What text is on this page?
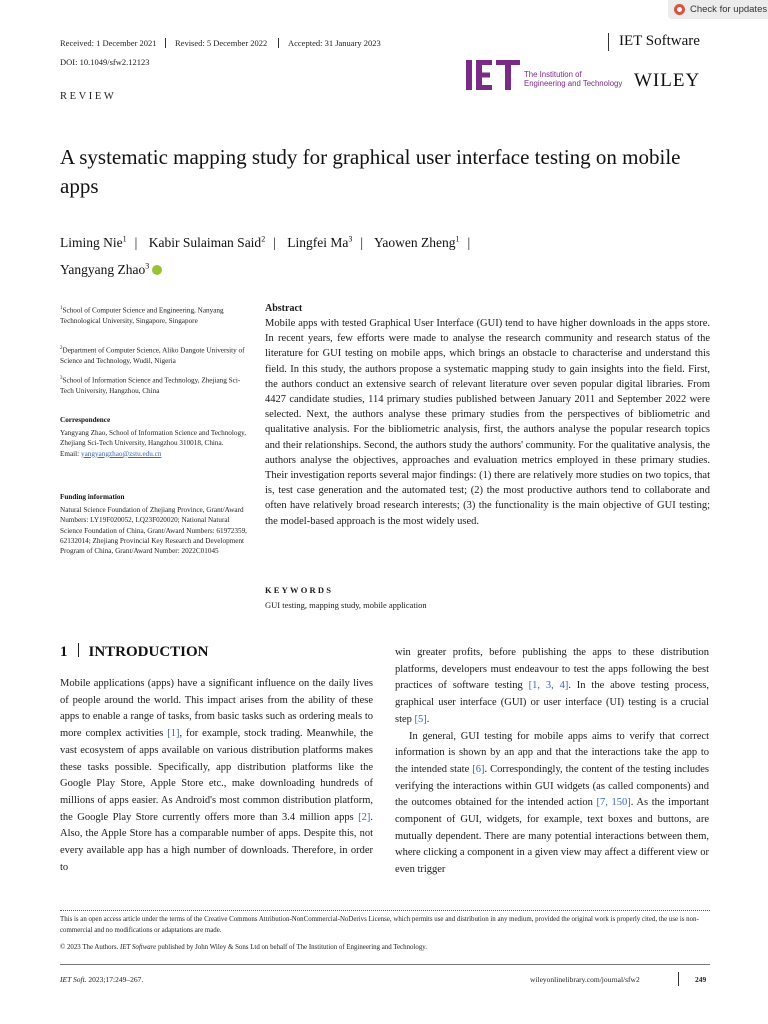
Check for updates
Received: 1 December 2021 Revised: 5 December 2022 Accepted: 31 January 2023	IET Software
DOI: 10.1049/sfw2.12123
The Institution of
Engineering and Technology WILEY
REVIEW
A systematic mapping study for graphical user interface testing on mobile apps
Liming Nie$^1$ | Kabir Sulaiman Said$^2$ | Lingfei Ma$^3$ | Yaowen Zheng$^1$ |
Yangyang Zhao$^3$
$^1$School of Computer Science and Engineering, Nanyang Technological University, Singapore, Singapore
$^2$Department of Computer Science, Aliko Dangote University of Science and Technology, Wudil, Nigeria
$^3$School of Information Science and Technology, Zhejiang Sci-Tech University, Hangzhou, China
Correspondence
Yangyang Zhao, School of Information Science and Technology, Zhejiang Sci-Tech University, Hangzhou 310018, China.
Email: yangyangzhao@zstu.edu.cn
Funding information
Natural Science Foundation of Zhejiang Province, Grant/Award Numbers: LY19F020052, LQ23F020020; National Natural Science Foundation of China, Grant/Award Numbers: 61972359, 62132014; Zhejiang Provincial Key Research and Development Program of China, Grant/Award Number: 2022C01045
Abstract
Mobile apps with tested Graphical User Interface (GUI) tend to have higher downloads in the apps store. In recent years, few efforts were made to analyse the research community and research status of the literature for GUI testing on mobile apps, which brings an obstacle to characterise and understand this field. In this study, the authors propose a systematic mapping study to gain insights into the field. First, the authors conduct an extensive search of relevant literature over seven popular digital libraries. From 4427 candidate studies, 114 primary studies published between January 2011 and September 2022 were selected. Next, the authors analyse these primary studies from the perspectives of bibliometric and qualitative analysis. For the bibliometric analysis, first, the authors analyse the popular research topics and their relationships. Second, the authors study the authors' community. For the qualitative analysis, the authors analyse the objectives, approaches and evaluation metrics employed in these primary studies. Their investigation reports several major findings: (1) there are relatively more studies on two topics, that is, test case generation and the automated test; (2) the most productive authors tend to collaborate and often have relatively broad research interests; (3) the functionality is the main objective of GUI testing; the model-based approach is the most widely used.
KEYWORDS
GUI testing, mapping study, mobile application
1 INTRODUCTION
Mobile applications (apps) have a significant influence on the daily lives of people around the world. This impact arises from the ability of these apps to enable a range of tasks, from basic tasks such as ordering meals to more complex activities [1], for example, stock trading. Meanwhile, the vast ecosystem of apps available on various distribution platforms makes these tasks possible. Specifically, app distribution platforms like the Google Play Store, Apple Store etc., make downloading hundreds of millions of apps easier. As Android's most common distribution platform, the Google Play Store currently offers more than 3.4 million apps [2]. Also, the Apple Store has a comparable number of apps. Despite this, not every available app has a high number of downloads. Therefore, in order to
win greater profits, before publishing the apps to these distribution platforms, developers must endeavour to test the apps following the best practices of software testing [1, 3, 4]. In the above testing process, graphical user interface (GUI) or user interface (UI) testing is a crucial step [5].
In general, GUI testing for mobile apps aims to verify that correct information is shown by an app and that the interactions take the app to the intended state [6]. Correspondingly, the content of the testing includes verifying the interactions within GUI widgets (as called components) and the outcomes obtained for the intended action [7, 150]. As the important component of GUI, widgets, for example, text boxes and buttons, are mutually dependent. There are many potential interactions between them, where clicking a component in a given view may affect a different view or even trigger
This is an open access article under the terms of the Creative Commons Attribution-NonCommercial-NoDerivs License, which permits use and distribution in any medium, provided the original work is properly cited, the use is non-commercial and no modifications or adaptations are made.
© 2023 The Authors. IET Software published by John Wiley & Sons Ltd on behalf of The Institution of Engineering and Technology.
IET Soft. 2023;17:249–267.	wileyonlinelibrary.com/journal/sfw2	249
